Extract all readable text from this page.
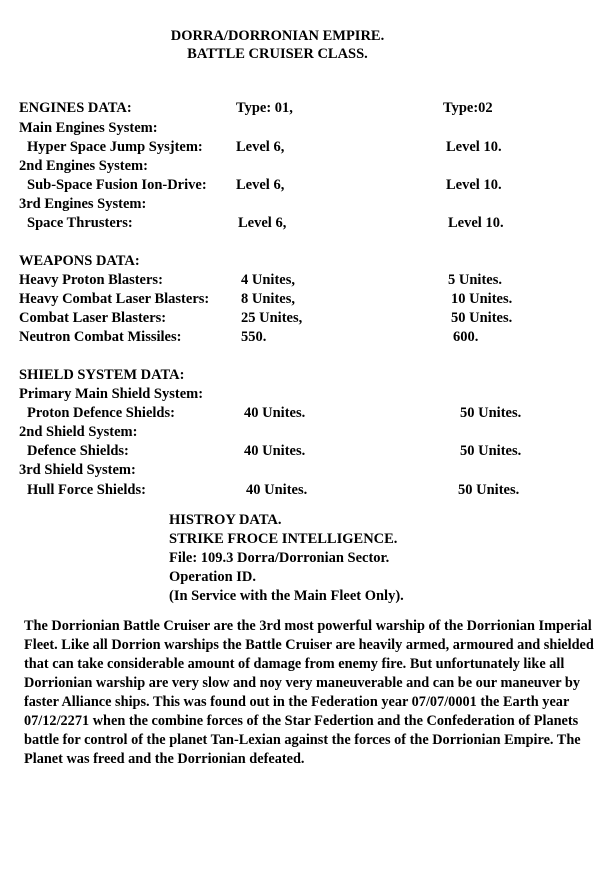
DORRA/DORRONIAN EMPIRE.
BATTLE CRUISER CLASS.
ENGINES DATA:	Type: 01,	Type:02
Main Engines System:
Hyper Space Jump Sysjtem: Level 6,	Level 10.
2nd Engines System:
Sub-Space Fusion Ion-Drive: Level 6,	Level 10.
3rd Engines System:
Space Thrusters:	Level 6,	Level 10.
WEAPONS DATA:
Heavy Proton Blasters:	4 Unites,	5 Unites.
Heavy Combat Laser Blasters: 8 Unites,	10 Unites.
Combat Laser Blasters:	25 Unites,	50 Unites.
Neutron Combat Missiles:	550.	600.
SHIELD SYSTEM DATA:
Primary Main Shield System:
Proton Defence Shields:	40 Unites.	50 Unites.
2nd Shield System:
Defence Shields:	40 Unites.	50 Unites.
3rd Shield System:
Hull Force Shields:	40 Unites.	50 Unites.
HISTROY DATA.
STRIKE FROCE INTELLIGENCE.
File: 109.3 Dorra/Dorronian Sector.
Operation ID.
(In Service with the Main Fleet Only).
The Dorrionian Battle Cruiser are the 3rd most powerful warship of the Dorrionian Imperial Fleet. Like all Dorrion warships the Battle Cruiser are heavily armed, armoured and shielded that can take considerable amount of damage from enemy fire. But unfortunately like all Dorrionian warship are very slow and noy very maneuverable and can be our maneuver by faster Alliance ships. This was found out in the Federation year 07/07/0001 the Earth year 07/12/2271 when the combine forces of the Star Federtion and the Confederation of Planets battle for control of the planet Tan-Lexian against the forces of the Dorrionian Empire. The Planet was freed and the Dorrionian defeated.
